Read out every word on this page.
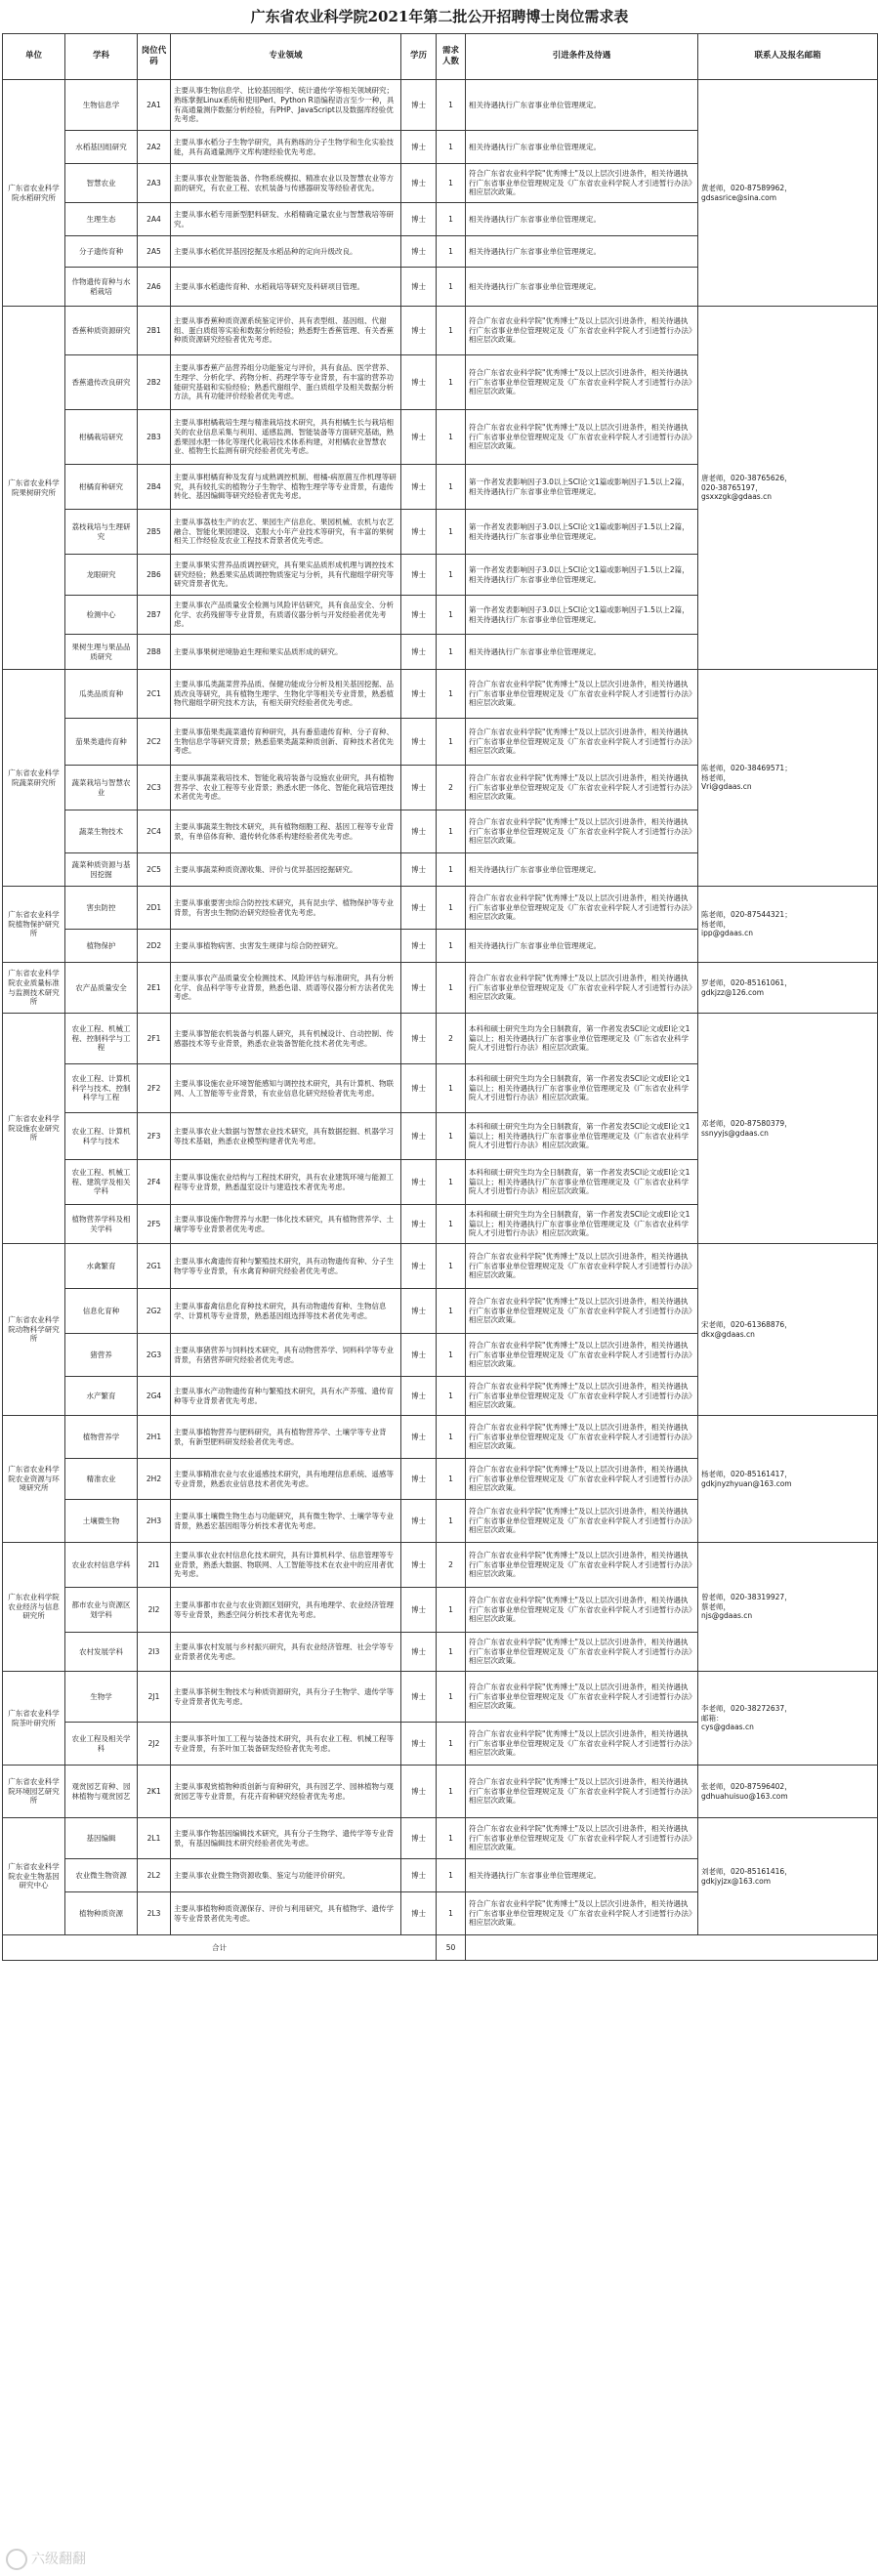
广东省农业科学院2021年第二批公开招聘博士岗位需求表
单位	学科	岗位代码	专业领域	学历	需求人数	引进条件及待遇	联系人及报名邮箱
广东省农业科学院水稻研究所	生物信息学	2A1	主要从事生物信息学、比较基因组学、统计遗传学等相关领域研究；熟练掌握Linux系统和使用Perl、Python R语编程语言至少一种，具有高通量测序数据分析经验，有PHP、JavaScript以及数据库经验优先考虑。	博士	1	相关待遇执行广东省事业单位管理规定。	黄老师，020-87589962，
gdsasrice@sina.com
	水稻基因组研究	2A2	主要从事水稻分子生物学研究，具有熟练的分子生物学和生化实验技能，具有高通量测序文库构建经验优先考虑。	博士	1	相关待遇执行广东省事业单位管理规定。	
	智慧农业	2A3	主要从事农业智能装备、作物系统模拟、精准农业以及智慧农业等方面的研究，有农业工程、农机装备与传感器研发等经验者优先。	博士	1	符合广东省农业科学院"优秀博士"及以上层次引进条件，相关待遇执行广东省事业单位管理规定及《广东省农业科学院人才引进暂行办法》相应层次政策。	
	生理生态	2A4	主要从事水稻专用新型肥料研发、水稻精确定量农业与智慧栽培等研究。	博士	1	相关待遇执行广东省事业单位管理规定。	
	分子遗传育种	2A5	主要从事水稻优异基因挖掘及水稻品种的定向升级改良。	博士	1	相关待遇执行广东省事业单位管理规定。	
	作物遗传育种与水稻栽培	2A6	主要从事水稻遗传育种、水稻栽培等研究及科研项目管理。	博士	1	相关待遇执行广东省事业单位管理规定。	
广东省农业科学院果树研究所	香蕉种质资源研究	2B1	主要从事香蕉种质资源系统鉴定评价、具有表型组、基因组、代谢组、蛋白质组等实验和数据分析经验；熟悉野生香蕉管理、有关香蕉种质资源研究经验者优先考虑。	博士	1	符合广东省农业科学院"优秀博士"及以上层次引进条件，相关待遇执行广东省事业单位管理规定及《广东省农业科学院人才引进暂行办法》相应层次政策。	唐老师，020-38765626，
020-38765197，
gsxxzgk@gdaas.cn
	香蕉遗传改良研究	2B2	主要从事香蕉产品营养组分功能鉴定与评价，具有食品、医学营养、生理学、分析化学、药物分析、药理学等专业背景，有丰富的营养功能研究基础和实验经验；熟悉代谢组学、蛋白质组学及相关数据分析方法，具有功能评价经验者优先考虑。	博士	1	符合广东省农业科学院"优秀博士"及以上层次引进条件，相关待遇执行广东省事业单位管理规定及《广东省农业科学院人才引进暂行办法》相应层次政策。	
	柑橘栽培研究	2B3	主要从事柑橘栽培生理与精准栽培技术研究，具有柑橘生长与栽培相关的农业信息采集与利用、遥感监测、智能装备等方面研究基础，熟悉果园水肥一体化等现代化栽培技术体系构建，对柑橘农业智慧农业、植物生长监测有研究经验者优先考虑。	博士	1	符合广东省农业科学院"优秀博士"及以上层次引进条件，相关待遇执行广东省事业单位管理规定及《广东省农业科学院人才引进暂行办法》相应层次政策。	
	柑橘育种研究	2B4	主要从事柑橘育种及发育与成熟调控机制、柑橘-病原菌互作机理等研究，具有较扎实的植物分子生物学、植物生理学等专业背景，有遗传转化、基因编辑等研究经验者优先考虑。	博士	1	第一作者发表影响因子3.0以上SCI论文1篇或影响因子1.5以上2篇，相关待遇执行广东省事业单位管理规定。	
	荔枝栽培与生理研究	2B5	主要从事荔枝生产的农艺、果园生产信息化、果园机械、农机与农艺融合、智能化果园建设、克服大小年产业技术等研究，有丰富的果树相关工作经验及农业工程技术背景者优先考虑。	博士	1	第一作者发表影响因子3.0以上SCI论文1篇或影响因子1.5以上2篇，相关待遇执行广东省事业单位管理规定。	
	龙眼研究	2B6	主要从事果实营养品质调控研究，具有果实品质形成机理与调控技术研究经验；熟悉果实品质调控物质鉴定与分析，具有代谢组学研究等研究背景者优先。	博士	1	第一作者发表影响因子3.0以上SCI论文1篇或影响因子1.5以上2篇，相关待遇执行广东省事业单位管理规定。	
	检测中心	2B7	主要从事农产品质量安全检测与风险评估研究，具有食品安全、分析化学、农药残留等专业背景，有质谱仪器分析与开发经验者优先考虑。	博士	1	第一作者发表影响因子3.0以上SCI论文1篇或影响因子1.5以上2篇，相关待遇执行广东省事业单位管理规定。	
	果树生理与果品品质研究	2B8	主要从事果树逆境胁迫生理和果实品质形成的研究。	博士	1	相关待遇执行广东省事业单位管理规定。	
广东省农业科学院蔬菜研究所	瓜类品质育种	2C1	主要从事瓜类蔬菜营养品质、保健功能成分分析及相关基因挖掘、品质改良等研究，具有植物生理学、生物化学等相关专业背景，熟悉植物代谢组学研究技术方法，有相关研究经验者优先考虑。	博士	1	符合广东省农业科学院"优秀博士"及以上层次引进条件，相关待遇执行广东省事业单位管理规定及《广东省农业科学院人才引进暂行办法》相应层次政策。	陈老师，020-38469571；
杨老师，
Vri@gdaas.cn
	茄果类遗传育种	2C2	主要从事茄果类蔬菜遗传育种研究，具有番茄遗传育种、分子育种、生物信息学等研究背景；熟悉茄果类蔬菜种质创新、育种技术者优先考虑。	博士	1	符合广东省农业科学院"优秀博士"及以上层次引进条件，相关待遇执行广东省事业单位管理规定及《广东省农业科学院人才引进暂行办法》相应层次政策。	
	蔬菜栽培与智慧农业	2C3	主要从事蔬菜栽培技术、智能化栽培装备与设施农业研究，具有植物营养学、农业工程等专业背景；熟悉水肥一体化、智能化栽培管理技术者优先考虑。	博士	2	符合广东省农业科学院"优秀博士"及以上层次引进条件，相关待遇执行广东省事业单位管理规定及《广东省农业科学院人才引进暂行办法》相应层次政策。	
	蔬菜生物技术	2C4	主要从事蔬菜生物技术研究，具有植物细胞工程、基因工程等专业背景，有单倍体育种、遗传转化体系构建经验者优先考虑。	博士	1	符合广东省农业科学院"优秀博士"及以上层次引进条件，相关待遇执行广东省事业单位管理规定及《广东省农业科学院人才引进暂行办法》相应层次政策。	
	蔬菜种质资源与基因挖掘	2C5	主要从事蔬菜种质资源收集、评价与优异基因挖掘研究。	博士	1	相关待遇执行广东省事业单位管理规定。	
广东省农业科学院植物保护研究所	害虫防控	2D1	主要从事重要害虫综合防控技术研究，具有昆虫学、植物保护等专业背景，有害虫生物防治研究经验者优先考虑。	博士	1	符合广东省农业科学院"优秀博士"及以上层次引进条件，相关待遇执行广东省事业单位管理规定及《广东省农业科学院人才引进暂行办法》相应层次政策。	陈老师，020-87544321；
杨老师，
ipp@gdaas.cn
	植物保护	2D2	主要从事植物病害、虫害发生规律与综合防控研究。	博士	1	相关待遇执行广东省事业单位管理规定。	
广东省农业科学院农业质量标准与监测技术研究所	农产品质量安全	2E1	主要从事农产品质量安全检测技术、风险评估与标准研究，具有分析化学、食品科学等专业背景，熟悉色谱、质谱等仪器分析方法者优先考虑。	博士	1	符合广东省农业科学院"优秀博士"及以上层次引进条件，相关待遇执行广东省事业单位管理规定及《广东省农业科学院人才引进暂行办法》相应层次政策。	罗老师，020-85161061，
gdkjzz@126.com
广东省农业科学院设施农业研究所	农业工程、机械工程、控制科学与工程	2F1	主要从事智能农机装备与机器人研究，具有机械设计、自动控制、传感器技术等专业背景，熟悉农业装备智能化技术者优先考虑。	博士	2	本科和硕士研究生均为全日制教育，第一作者发表SCI论文或EI论文1篇以上；相关待遇执行广东省事业单位管理规定及《广东省农业科学院人才引进暂行办法》相应层次政策。	邓老师，020-87580379，
ssnyyjs@gdaas.cn
	农业工程、计算机科学与技术、控制科学与工程	2F2	主要从事设施农业环境智能感知与调控技术研究，具有计算机、物联网、人工智能等专业背景，有农业信息化研究经验者优先考虑。	博士	1	本科和硕士研究生均为全日制教育，第一作者发表SCI论文或EI论文1篇以上；相关待遇执行广东省事业单位管理规定及《广东省农业科学院人才引进暂行办法》相应层次政策。	
	农业工程、计算机科学与技术	2F3	主要从事农业大数据与智慧农业技术研究，具有数据挖掘、机器学习等技术基础，熟悉农业模型构建者优先考虑。	博士	1	本科和硕士研究生均为全日制教育，第一作者发表SCI论文或EI论文1篇以上；相关待遇执行广东省事业单位管理规定及《广东省农业科学院人才引进暂行办法》相应层次政策。	
	农业工程、机械工程、建筑学及相关学科	2F4	主要从事设施农业结构与工程技术研究，具有农业建筑环境与能源工程等专业背景，熟悉温室设计与建造技术者优先考虑。	博士	1	本科和硕士研究生均为全日制教育，第一作者发表SCI论文或EI论文1篇以上；相关待遇执行广东省事业单位管理规定及《广东省农业科学院人才引进暂行办法》相应层次政策。	
	植物营养学科及相关学科	2F5	主要从事设施作物营养与水肥一体化技术研究，具有植物营养学、土壤学等专业背景者优先考虑。	博士	1	本科和硕士研究生均为全日制教育，第一作者发表SCI论文或EI论文1篇以上；相关待遇执行广东省事业单位管理规定及《广东省农业科学院人才引进暂行办法》相应层次政策。	
广东省农业科学院动物科学研究所	水禽繁育	2G1	主要从事水禽遗传育种与繁殖技术研究，具有动物遗传育种、分子生物学等专业背景，有水禽育种研究经验者优先考虑。	博士	1	符合广东省农业科学院"优秀博士"及以上层次引进条件，相关待遇执行广东省事业单位管理规定及《广东省农业科学院人才引进暂行办法》相应层次政策。	宋老师，020-61368876，
dkx@gdaas.cn
	信息化育种	2G2	主要从事畜禽信息化育种技术研究，具有动物遗传育种、生物信息学、计算机等专业背景，熟悉基因组选择等技术者优先考虑。	博士	1	符合广东省农业科学院"优秀博士"及以上层次引进条件，相关待遇执行广东省事业单位管理规定及《广东省农业科学院人才引进暂行办法》相应层次政策。	
	猪营养	2G3	主要从事猪营养与饲料技术研究，具有动物营养学、饲料科学等专业背景，有猪营养研究经验者优先考虑。	博士	1	符合广东省农业科学院"优秀博士"及以上层次引进条件，相关待遇执行广东省事业单位管理规定及《广东省农业科学院人才引进暂行办法》相应层次政策。	
	水产繁育	2G4	主要从事水产动物遗传育种与繁殖技术研究，具有水产养殖、遗传育种等专业背景者优先考虑。	博士	1	符合广东省农业科学院"优秀博士"及以上层次引进条件，相关待遇执行广东省事业单位管理规定及《广东省农业科学院人才引进暂行办法》相应层次政策。	
广东省农业科学院农业资源与环境研究所	植物营养学	2H1	主要从事植物营养与肥料研究，具有植物营养学、土壤学等专业背景，有新型肥料研发经验者优先考虑。	博士	1	符合广东省农业科学院"优秀博士"及以上层次引进条件，相关待遇执行广东省事业单位管理规定及《广东省农业科学院人才引进暂行办法》相应层次政策。	杨老师，020-85161417，
gdkjnyzhyuan@163.com
	精准农业	2H2	主要从事精准农业与农业遥感技术研究，具有地理信息系统、遥感等专业背景，熟悉农业信息技术者优先考虑。	博士	1	符合广东省农业科学院"优秀博士"及以上层次引进条件，相关待遇执行广东省事业单位管理规定及《广东省农业科学院人才引进暂行办法》相应层次政策。	
	土壤微生物	2H3	主要从事土壤微生物生态与功能研究，具有微生物学、土壤学等专业背景，熟悉宏基因组等分析技术者优先考虑。	博士	1	符合广东省农业科学院"优秀博士"及以上层次引进条件，相关待遇执行广东省事业单位管理规定及《广东省农业科学院人才引进暂行办法》相应层次政策。	
广东农业科学院农业经济与信息研究所	农业农村信息学科	2I1	主要从事农业农村信息化技术研究，具有计算机科学、信息管理等专业背景，熟悉大数据、物联网、人工智能等技术在农业中的应用者优先考虑。	博士	2	符合广东省农业科学院"优秀博士"及以上层次引进条件，相关待遇执行广东省事业单位管理规定及《广东省农业科学院人才引进暂行办法》相应层次政策。	曾老师，020-38319927，
蔡老师，
njs@gdaas.cn
	都市农业与资源区划学科	2I2	主要从事都市农业与农业资源区划研究，具有地理学、农业经济管理等专业背景，熟悉空间分析技术者优先考虑。	博士	1	符合广东省农业科学院"优秀博士"及以上层次引进条件，相关待遇执行广东省事业单位管理规定及《广东省农业科学院人才引进暂行办法》相应层次政策。	
	农村发展学科	2I3	主要从事农村发展与乡村振兴研究，具有农业经济管理、社会学等专业背景者优先考虑。	博士	1	符合广东省农业科学院"优秀博士"及以上层次引进条件，相关待遇执行广东省事业单位管理规定及《广东省农业科学院人才引进暂行办法》相应层次政策。	
广东省农业科学院茶叶研究所	生物学	2J1	主要从事茶树生物技术与种质资源研究，具有分子生物学、遗传学等专业背景者优先考虑。	博士	1	符合广东省农业科学院"优秀博士"及以上层次引进条件，相关待遇执行广东省事业单位管理规定及《广东省农业科学院人才引进暂行办法》相应层次政策。	李老师，020-38272637，
邮箱：
cys@gdaas.cn
	农业工程及相关学科	2J2	主要从事茶叶加工工程与装备技术研究，具有农业工程、机械工程等专业背景，有茶叶加工装备研发经验者优先考虑。	博士	1	符合广东省农业科学院"优秀博士"及以上层次引进条件，相关待遇执行广东省事业单位管理规定及《广东省农业科学院人才引进暂行办法》相应层次政策。	
广东省农业科学院环境园艺研究所	观赏园艺育种、园林植物与观赏园艺	2K1	主要从事观赏植物种质创新与育种研究，具有园艺学、园林植物与观赏园艺等专业背景，有花卉育种研究经验者优先考虑。	博士	1	符合广东省农业科学院"优秀博士"及以上层次引进条件，相关待遇执行广东省事业单位管理规定及《广东省农业科学院人才引进暂行办法》相应层次政策。	张老师，020-87596402，
gdhuahuisuo@163.com
广东省农业科学院农业生物基因研究中心	基因编辑	2L1	主要从事作物基因编辑技术研究，具有分子生物学、遗传学等专业背景，有基因编辑技术研究经验者优先考虑。	博士	1	符合广东省农业科学院"优秀博士"及以上层次引进条件，相关待遇执行广东省事业单位管理规定及《广东省农业科学院人才引进暂行办法》相应层次政策。	刘老师，020-85161416，
gdkjyjzx@163.com
	农业微生物资源	2L2	主要从事农业微生物资源收集、鉴定与功能评价研究。	博士	1	相关待遇执行广东省事业单位管理规定。	
	植物种质资源	2L3	主要从事植物种质资源保存、评价与利用研究，具有植物学、遗传学等专业背景者优先考虑。	博士	1	符合广东省农业科学院"优秀博士"及以上层次引进条件，相关待遇执行广东省事业单位管理规定及《广东省农业科学院人才引进暂行办法》相应层次政策。	
合计					50		
六级翻翻
